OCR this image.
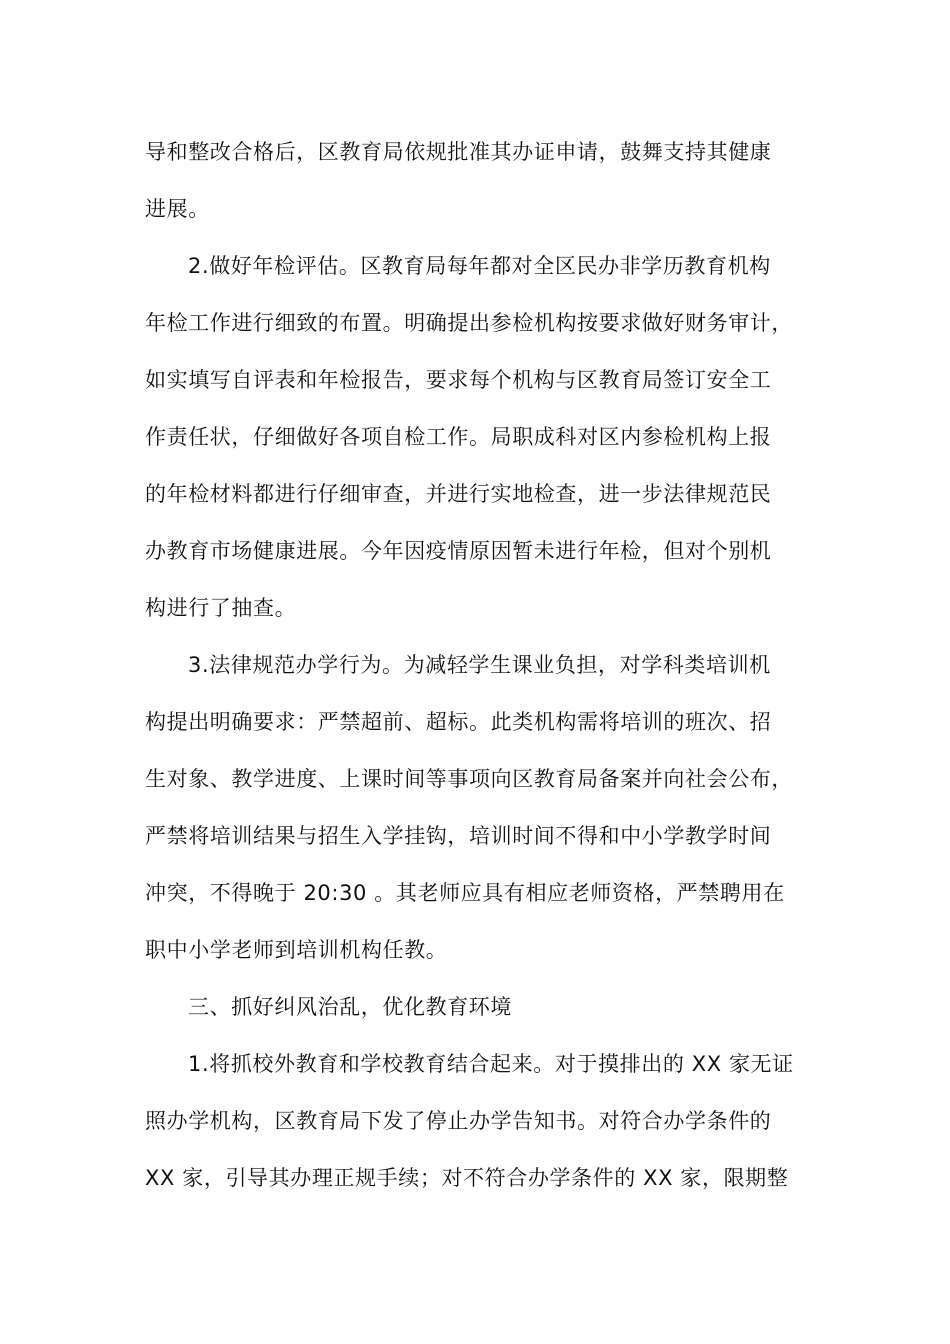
导和整改合格后，区教育局依规批准其办证申请，鼓舞支持其健康

进展。

2.做好年检评估。区教育局每年都对全区民办非学历教育机构

年检工作进行细致的布置。明确提出参检机构按要求做好财务审计，

如实填写自评表和年检报告，要求每个机构与区教育局签订安全工

作责任状，仔细做好各项自检工作。局职成科对区内参检机构上报

的年检材料都进行仔细审查，并进行实地检查，进一步法律规范民

办教育市场健康进展。今年因疫情原因暂未进行年检，但对个别机

构进行了抽查。

3.法律规范办学行为。为减轻学生课业负担，对学科类培训机

构提出明确要求：严禁超前、超标。此类机构需将培训的班次、招

生对象、教学进度、上课时间等事项向区教育局备案并向社会公布，

严禁将培训结果与招生入学挂钩，培训时间不得和中小学教学时间

冲突，不得晚于 20:30 。其老师应具有相应老师资格，严禁聘用在

职中小学老师到培训机构任教。

三、抓好纠风治乱，优化教育环境

1.将抓校外教育和学校教育结合起来。对于摸排出的 XX 家无证

照办学机构，区教育局下发了停止办学告知书。对符合办学条件的

XX 家，引导其办理正规手续；对不符合办学条件的 XX 家，限期整
